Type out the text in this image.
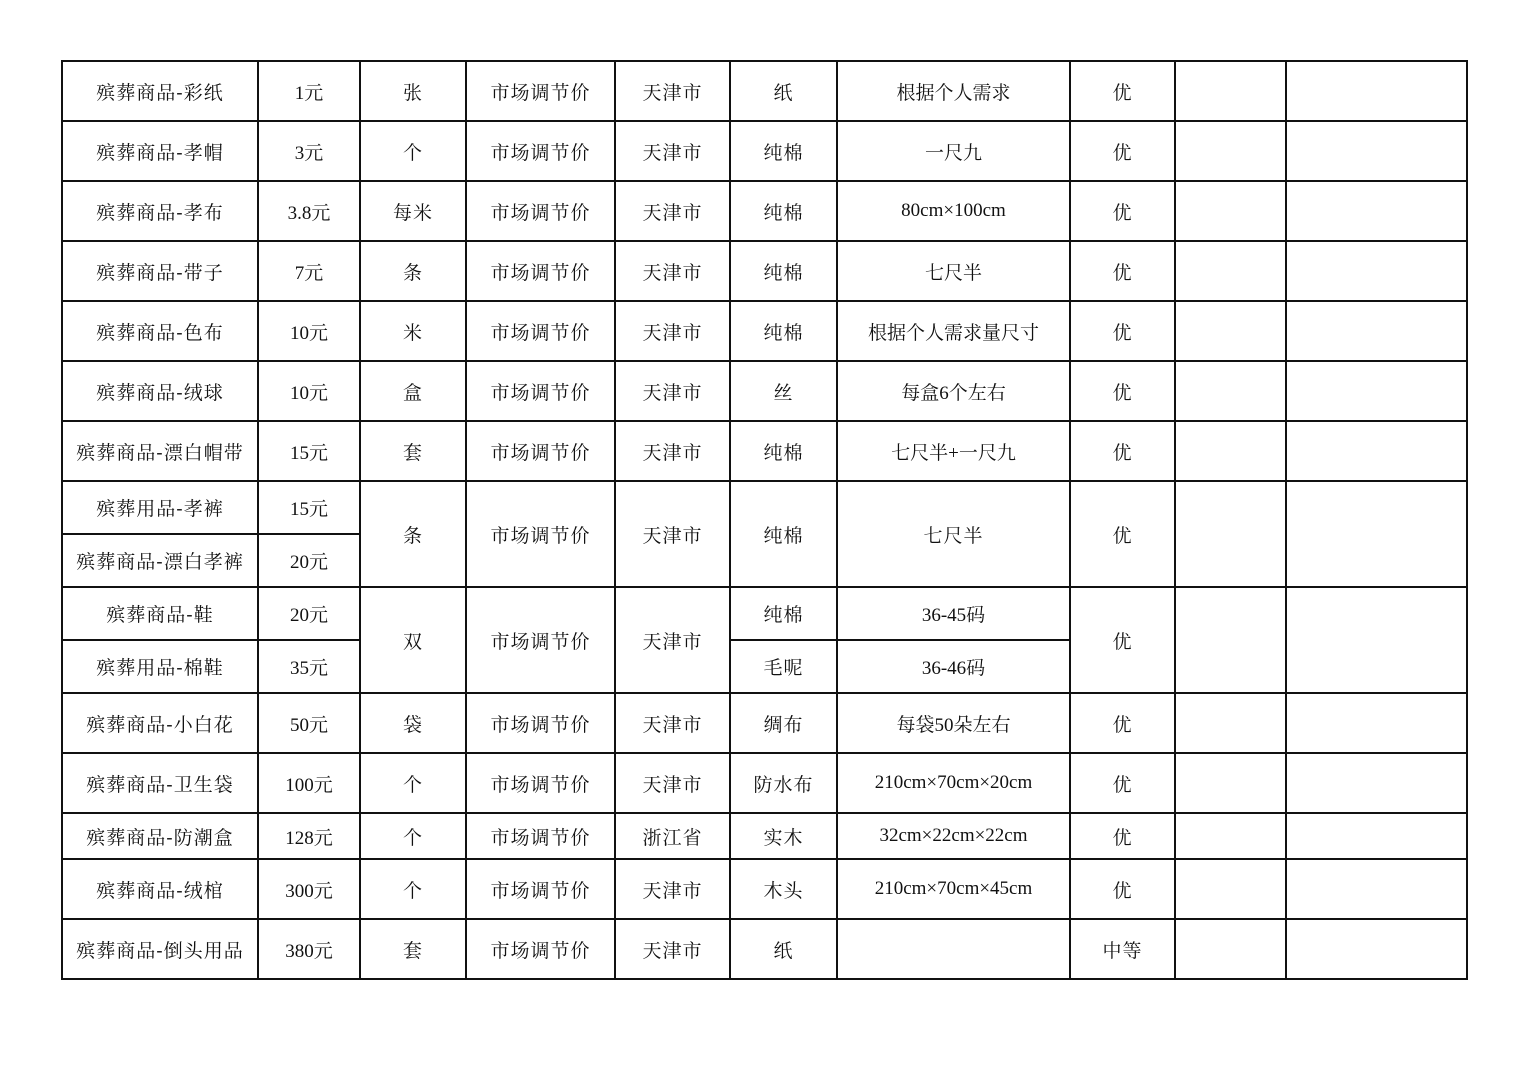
殡葬商品-彩纸	1元	张	市场调节价	天津市	纸	根据个人需求	优		
殡葬商品-孝帽	3元	个	市场调节价	天津市	纯棉	一尺九	优		
殡葬商品-孝布	3.8元	每米	市场调节价	天津市	纯棉	80cm×100cm	优		
殡葬商品-带子	7元	条	市场调节价	天津市	纯棉	七尺半	优		
殡葬商品-色布	10元	米	市场调节价	天津市	纯棉	根据个人需求量尺寸	优		
殡葬商品-绒球	10元	盒	市场调节价	天津市	丝	每盒6个左右	优		
殡葬商品-漂白帽带	15元	套	市场调节价	天津市	纯棉	七尺半+一尺九	优		
殡葬用品-孝裤	15元	条	市场调节价	天津市	纯棉	七尺半	优		
殡葬商品-漂白孝裤	20元								
殡葬商品-鞋	20元	双	市场调节价	天津市	纯棉	36-45码	优		
殡葬用品-棉鞋	35元				毛呢	36-46码			
殡葬商品-小白花	50元	袋	市场调节价	天津市	绸布	每袋50朵左右	优		
殡葬商品-卫生袋	100元	个	市场调节价	天津市	防水布	210cm×70cm×20cm	优		
殡葬商品-防潮盒	128元	个	市场调节价	浙江省	实木	32cm×22cm×22cm	优		
殡葬商品-绒棺	300元	个	市场调节价	天津市	木头	210cm×70cm×45cm	优		
殡葬商品-倒头用品	380元	套	市场调节价	天津市	纸		中等		
